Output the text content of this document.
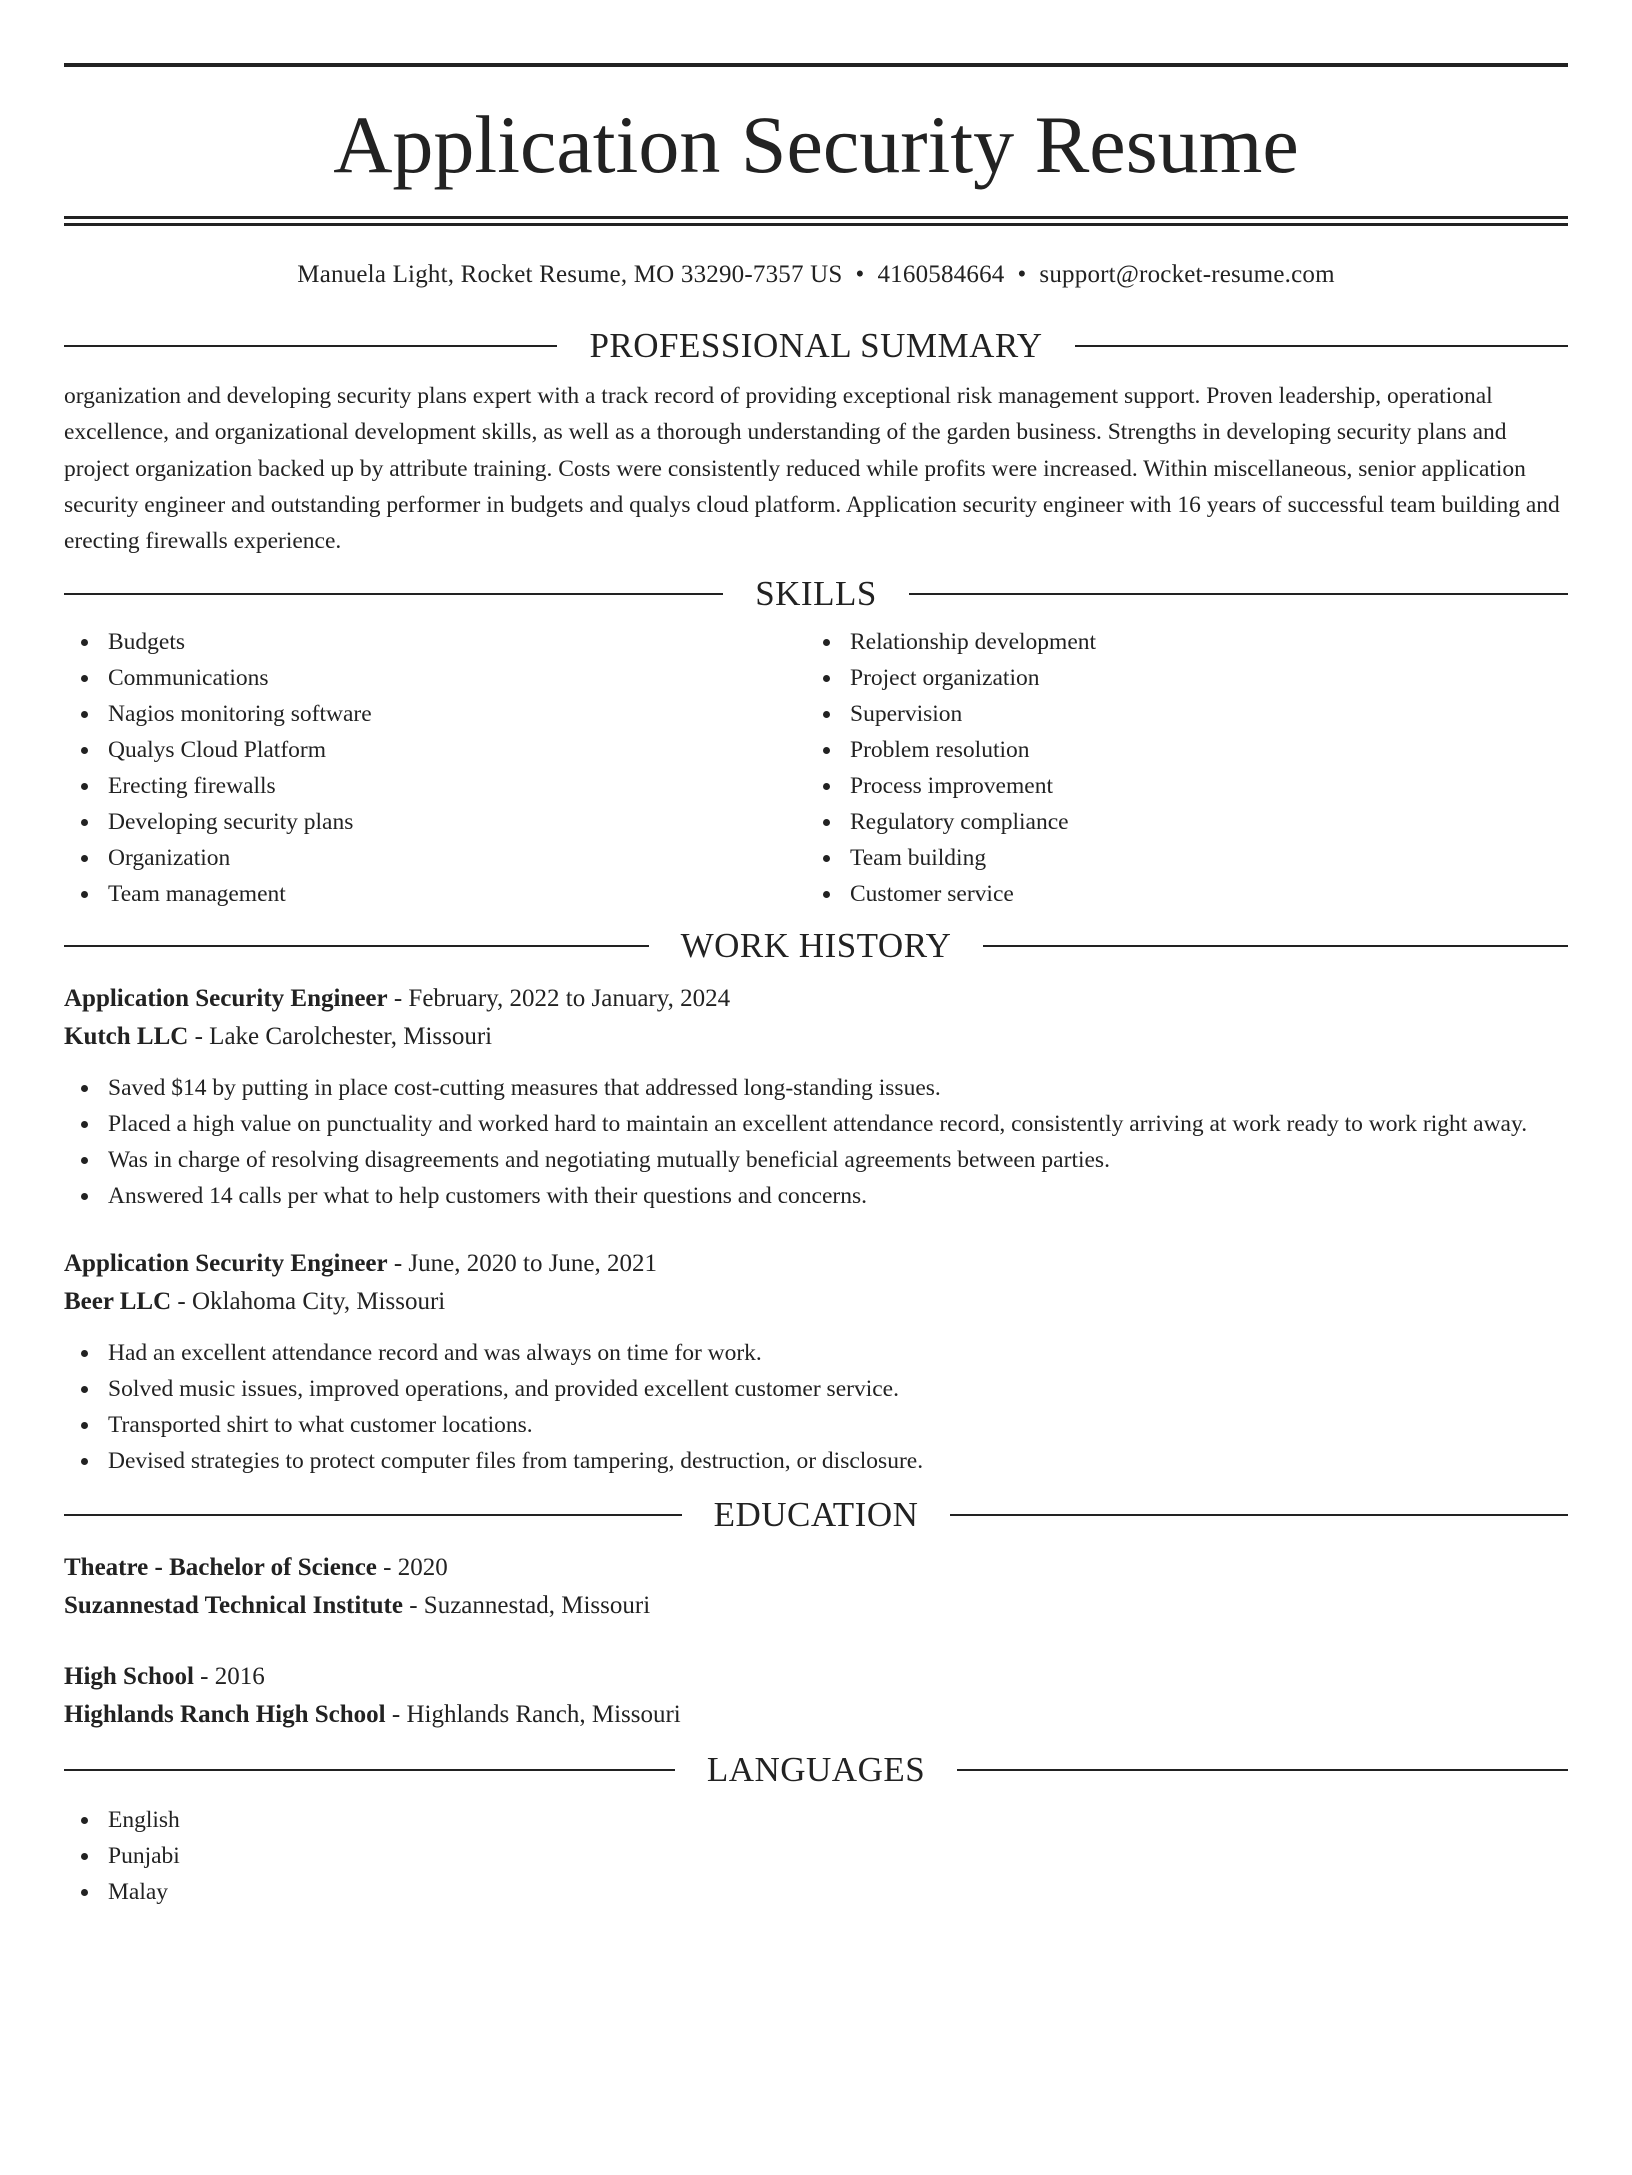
Application Security Resume
Manuela Light, Rocket Resume, MO 33290-7357 US • 4160584664 • support@rocket-resume.com
PROFESSIONAL SUMMARY

organization and developing security plans expert with a track record of providing exceptional risk management support. Proven leadership, operational excellence, and organizational development skills, as well as a thorough understanding of the garden business. Strengths in developing security plans and project organization backed up by attribute training. Costs were consistently reduced while profits were increased. Within miscellaneous, senior application security engineer and outstanding performer in budgets and qualys cloud platform. Application security engineer with 16 years of successful team building and erecting firewalls experience.

SKILLS
Budgets
Communications
Nagios monitoring software
Qualys Cloud Platform
Erecting firewalls
Developing security plans
Organization
Team management
Relationship development
Project organization
Supervision
Problem resolution
Process improvement
Regulatory compliance
Team building
Customer service
WORK HISTORY
Application Security Engineer - February, 2022 to January, 2024
Kutch LLC - Lake Carolchester, Missouri
Saved $14 by putting in place cost-cutting measures that addressed long-standing issues.
Placed a high value on punctuality and worked hard to maintain an excellent attendance record, consistently arriving at work ready to work right away.
Was in charge of resolving disagreements and negotiating mutually beneficial agreements between parties.
Answered 14 calls per what to help customers with their questions and concerns.
Application Security Engineer - June, 2020 to June, 2021
Beer LLC - Oklahoma City, Missouri
Had an excellent attendance record and was always on time for work.
Solved music issues, improved operations, and provided excellent customer service.
Transported shirt to what customer locations.
Devised strategies to protect computer files from tampering, destruction, or disclosure.
EDUCATION
Theatre - Bachelor of Science - 2020
Suzannestad Technical Institute - Suzannestad, Missouri
High School - 2016
Highlands Ranch High School - Highlands Ranch, Missouri
LANGUAGES
English
Punjabi
Malay
